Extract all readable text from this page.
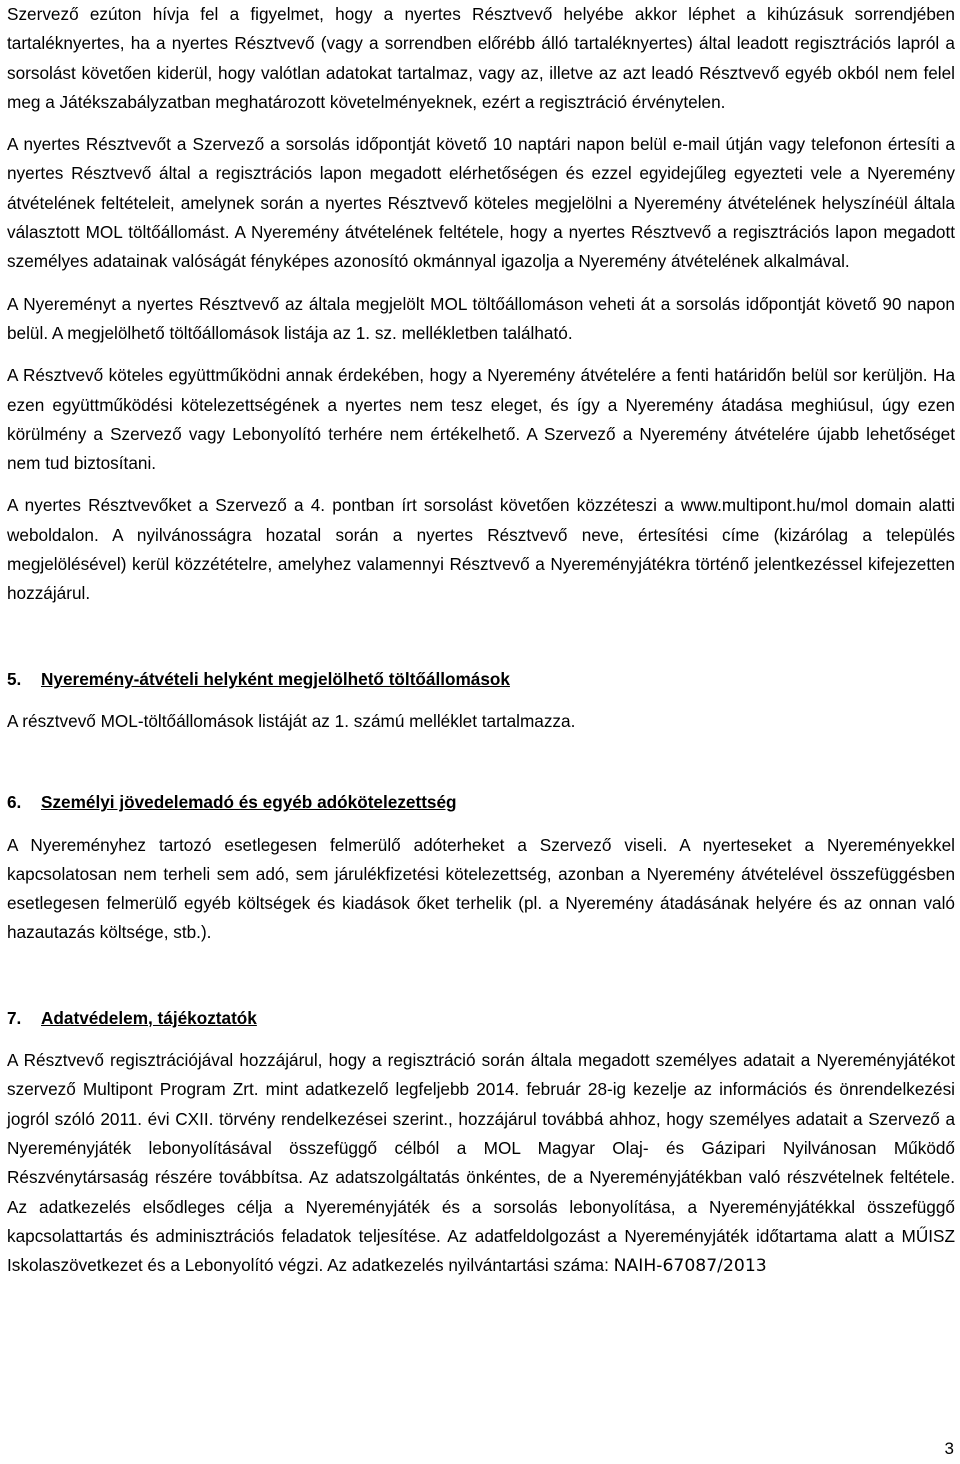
Szervező ezúton hívja fel a figyelmet, hogy a nyertes Résztvevő helyébe akkor léphet a kihúzásuk sorrendjében tartaléknyertes, ha a nyertes Résztvevő (vagy a sorrendben előrébb álló tartaléknyertes) által leadott regisztrációs lapról a sorsolást követően kiderül, hogy valótlan adatokat tartalmaz, vagy az, illetve az azt leadó Résztvevő egyéb okból nem felel meg a Játékszabályzatban meghatározott követelményeknek, ezért a regisztráció érvénytelen.

A nyertes Résztvevőt a Szervező a sorsolás időpontját követő 10 naptári napon belül e-mail útján vagy telefonon értesíti a nyertes Résztvevő által a regisztrációs lapon megadott elérhetőségen és ezzel egyidejűleg egyezteti vele a Nyeremény átvételének feltételeit, amelynek során a nyertes Résztvevő köteles megjelölni a Nyeremény átvételének helyszínéül általa választott MOL töltőállomást. A Nyeremény átvételének feltétele, hogy a nyertes Résztvevő a regisztrációs lapon megadott személyes adatainak valóságát fényképes azonosító okmánnyal igazolja a Nyeremény átvételének alkalmával.

A Nyereményt a nyertes Résztvevő az általa megjelölt MOL töltőállomáson veheti át a sorsolás időpontját követő 90 napon belül. A megjelölhető töltőállomások listája az 1. sz. mellékletben található.

A Résztvevő köteles együttműködni annak érdekében, hogy a Nyeremény átvételére a fenti határidőn belül sor kerüljön. Ha ezen együttműködési kötelezettségének a nyertes nem tesz eleget, és így a Nyeremény átadása meghiúsul, úgy ezen körülmény a Szervező vagy Lebonyolító terhére nem értékelhető. A Szervező a Nyeremény átvételére újabb lehetőséget nem tud biztosítani.

A nyertes Résztvevőket a Szervező a 4. pontban írt sorsolást követően közzéteszi a www.multipont.hu/mol domain alatti weboldalon. A nyilvánosságra hozatal során a nyertes Résztvevő neve, értesítési címe (kizárólag a település megjelölésével) kerül közzétételre, amelyhez valamennyi Résztvevő a Nyereményjátékra történő jelentkezéssel kifejezetten hozzájárul.

5.	Nyeremény-átvételi helyként megjelölhető töltőállomások

A résztvevő MOL-töltőállomások listáját az 1. számú melléklet tartalmazza.

6.	Személyi jövedelemadó és egyéb adókötelezettség

A Nyereményhez tartozó esetlegesen felmerülő adóterheket a Szervező viseli. A nyerteseket a Nyereményekkel kapcsolatosan nem terheli sem adó, sem járulékfizetési kötelezettség, azonban a Nyeremény átvételével összefüggésben esetlegesen felmerülő egyéb költségek és kiadások őket terhelik (pl. a Nyeremény átadásának helyére és az onnan való hazautazás költsége, stb.).

7.	Adatvédelem, tájékoztatók

A Résztvevő regisztrációjával hozzájárul, hogy a regisztráció során általa megadott személyes adatait a Nyereményjátékot szervező Multipont Program Zrt. mint adatkezelő legfeljebb 2014. február 28-ig kezelje az információs és önrendelkezési jogról szóló 2011. évi CXII. törvény rendelkezései szerint., hozzájárul továbbá ahhoz, hogy személyes adatait a Szervező a Nyereményjáték lebonyolításával összefüggő célból a MOL Magyar Olaj- és Gázipari Nyilvánosan Működő Részvénytársaság részére továbbítsa. Az adatszolgáltatás önkéntes, de a Nyereményjátékban való részvételnek feltétele. Az adatkezelés elsődleges célja a Nyereményjáték és a sorsolás lebonyolítása, a Nyereményjátékkal összefüggő kapcsolattartás és adminisztrációs feladatok teljesítése. Az adatfeldolgozást a Nyereményjáték időtartama alatt a MŰISZ Iskolaszövetkezet és a Lebonyolító végzi. Az adatkezelés nyilvántartási száma: NAIH-67087/2013

3
